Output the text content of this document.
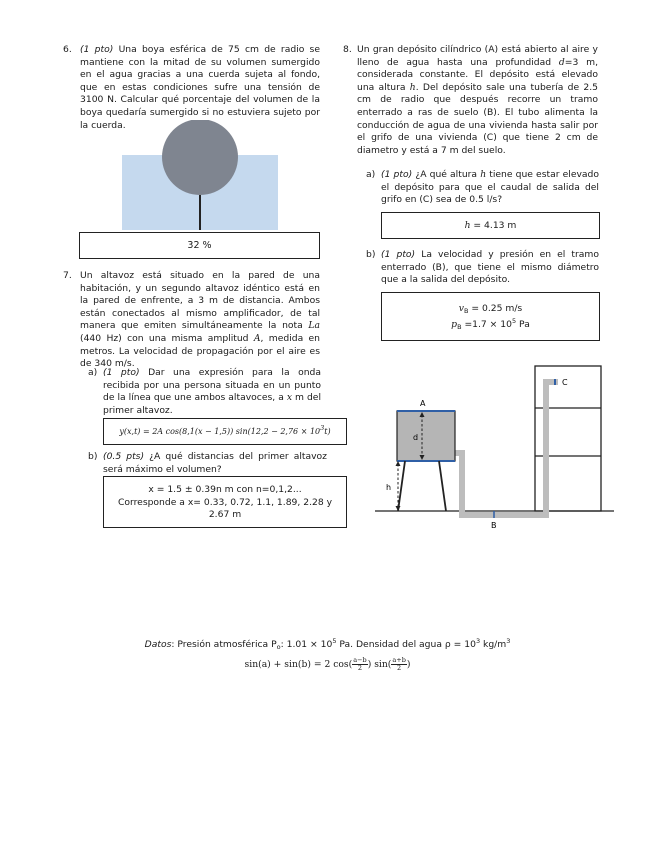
6. (1 pto) Una boya esférica de 75 cm de radio se mantiene con la mitad de su volumen sumergido en el agua gracias a una cuerda sujeta al fondo, que en estas condiciones sufre una tensión de 3100 N. Calcular qué porcentaje del volumen de la boya quedaría sumergido si no estuviera sujeto por la cuerda.
32 %
7. Un altavoz está situado en la pared de una habitación, y un segundo altavoz idéntico está en la pared de enfrente, a 3 m de distancia. Ambos están conectados al mismo amplificador, de tal manera que emiten simultáneamente la nota La (440 Hz) con una misma amplitud A, medida en metros. La velocidad de propagación por el aire es de 340 m/s.
a) (1 pto) Dar una expresión para la onda recibida por una persona situada en un punto de la línea que une ambos altavoces, a x m del primer altavoz.
y(x,t) = 2A cos(8,1(x − 1,5)) $\sin(12,2 - 2,76 \times 10^3t)$
b) (0.5 pts) ¿A qué distancias del primer altavoz será máximo el volumen?
x = 1.5 ± 0.39n m con n=0,1,2...
Corresponde a x= 0.33, 0.72, 1.1, 1.89, 2.28 y 2.67 m
8. Un gran depósito cilíndrico (A) está abierto al aire y lleno de agua hasta una profundidad d=3 m, considerada constante. El depósito está elevado una altura h. Del depósito sale una tubería de 2.5 cm de radio que después recorre un tramo enterrado a ras de suelo (B). El tubo alimenta la conducción de agua de una vivienda hasta salir por el grifo de una vivienda (C) que tiene 2 cm de diametro y está a 7 m del suelo.
a) (1 pto) ¿A qué altura h tiene que estar elevado el depósito para que el caudal de salida del grifo en (C) sea de 0.5 l/s?
h = 4.13 m
b) (1 pto) La velocidad y presión en el tramo enterrado (B), que tiene el mismo diámetro que a la salida del depósito.
$v_B = 0.25$ m/s
$p_B =1.7 \times 10^5$ Pa
A
d
h
B
C
Datos: Presión atmosférica $P_o$: $1.01 \times 10^5$ Pa. Densidad del agua $\rho = 10^3$ $kg/m^3$
sin(a) + sin(b) = 2 $\cos( \frac{a-b}{2}$ ) $\sin( \frac{a+b}{2}$ )
